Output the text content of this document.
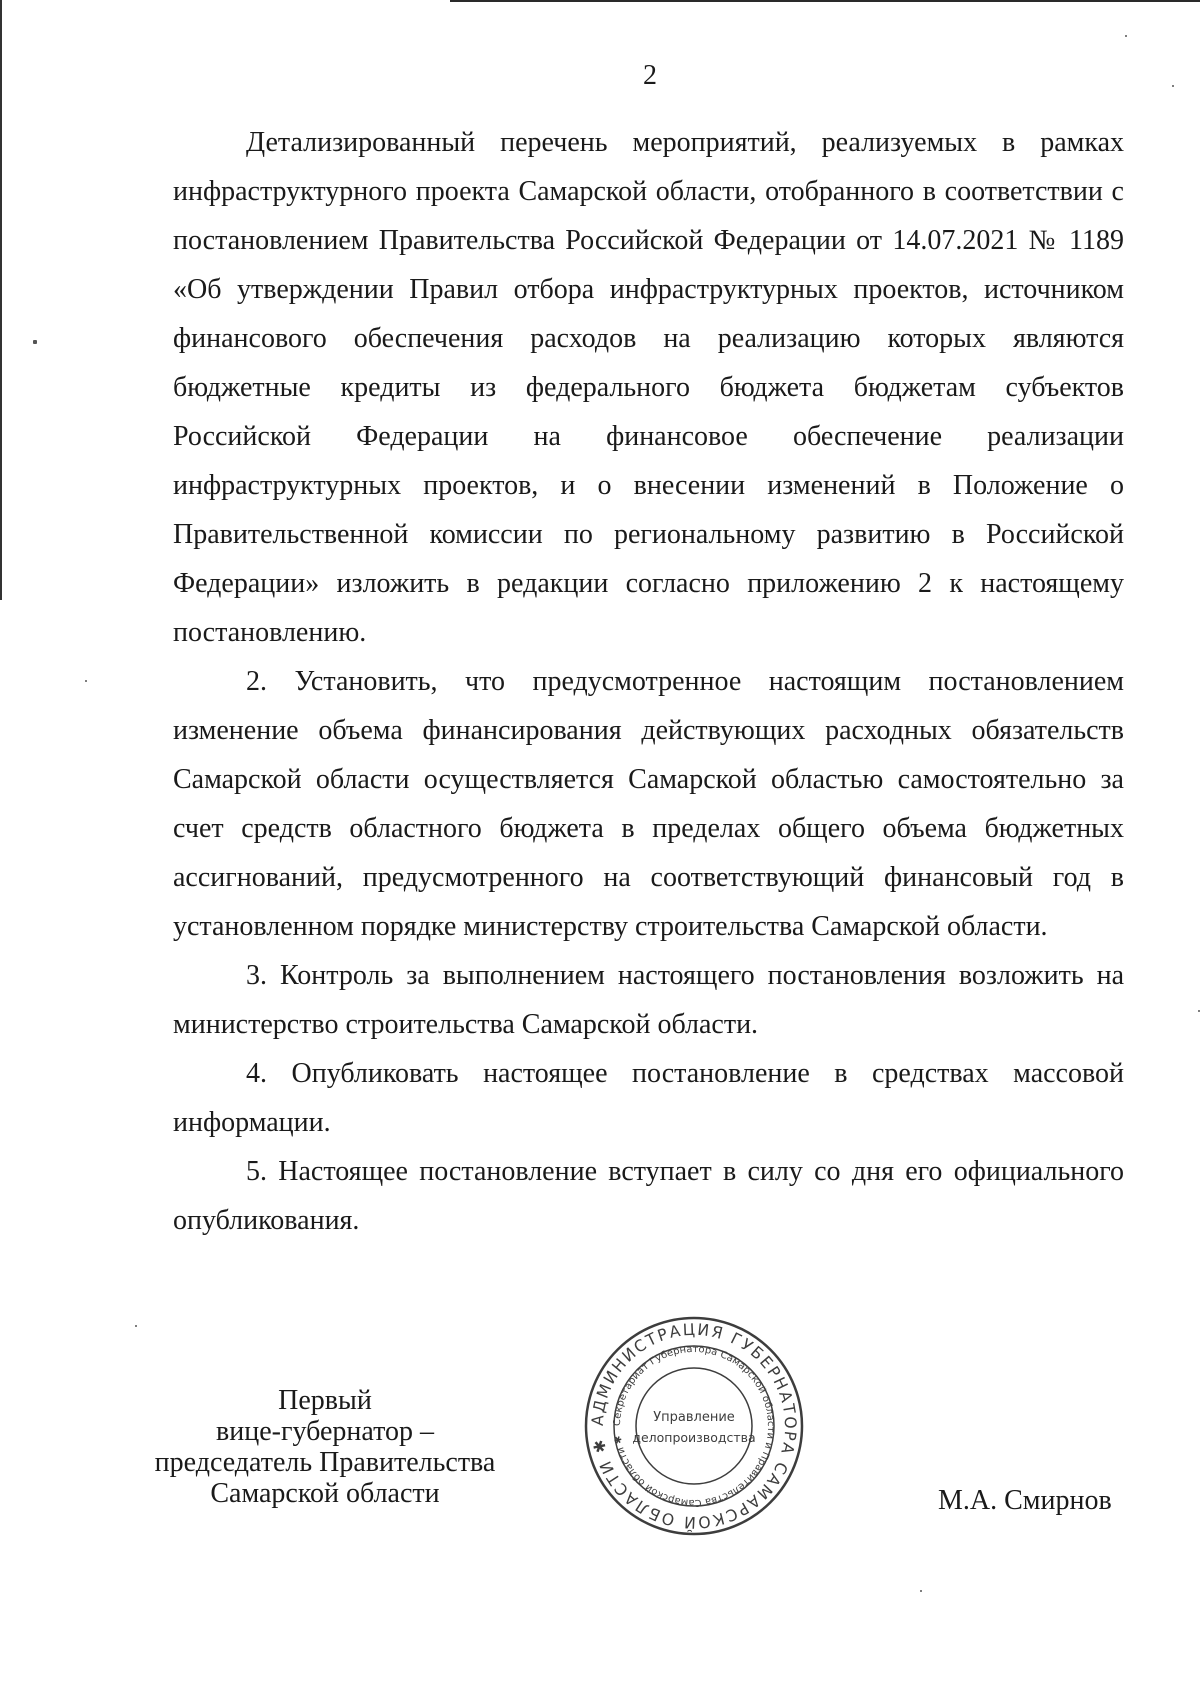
2

Детализированный перечень мероприятий, реализуемых в рамках инфраструктурного проекта Самарской области, отобранного в соответствии с постановлением Правительства Российской Федерации от 14.07.2021 № 1189 «Об утверждении Правил отбора инфраструктурных проектов, источником финансового обеспечения расходов на реализацию которых являются бюджетные кредиты из федерального бюджета бюджетам субъектов Российской Федерации на финансовое обеспечение реализации инфраструктурных проектов, и о внесении изменений в Положение о Правительственной комиссии по региональному развитию в Российской Федерации» изложить в редакции согласно приложению 2 к настоящему постановлению.

2. Установить, что предусмотренное настоящим постановлением изменение объема финансирования действующих расходных обязательств Самарской области осуществляется Самарской областью самостоятельно за счет средств областного бюджета в пределах общего объема бюджетных ассигнований, предусмотренного на соответствующий финансовый год в установленном порядке министерству строительства Самарской области.

3. Контроль за выполнением настоящего постановления возложить на министерство строительства Самарской области.

4. Опубликовать настоящее постановление в средствах массовой информации.

5. Настоящее постановление вступает в силу со дня его официального опубликования.

Первый
вице-губернатор –
председатель Правительства
Самарской области
АДМИНИСТРАЦИЯ ГУБЕРНАТОРА САМАРСКОЙ ОБЛАСТИ ✱
Секретариат Губернатора Самарской области и Правительства Самарской области ✱
Управление
делопроизводства
М.А. Смирнов
